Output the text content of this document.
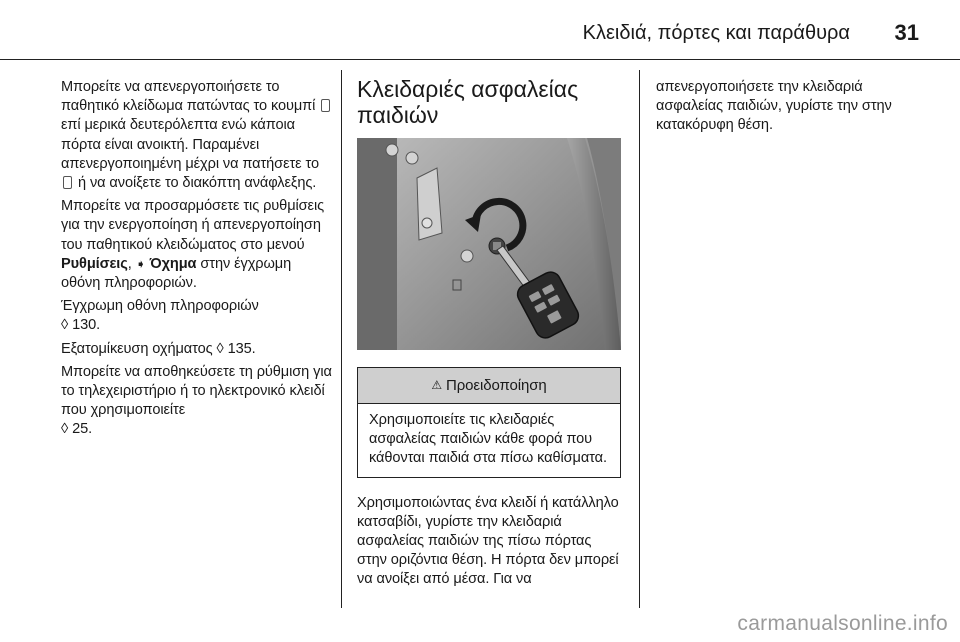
Κλειδιά, πόρτες και παράθυρα 31

Μπορείτε να απενεργοποιήσετε το παθητικό κλείδωμα πατώντας το κουμπί  επί μερικά δευτερόλεπτα ενώ κάποια πόρτα είναι ανοικτή. Παραμένει απενεργοποιημένη μέχρι να πατήσετε το  ή να ανοίξετε το διακόπτη ανάφλεξης.

Μπορείτε να προσαρμόσετε τις ρυθμίσεις για την ενεργοποίηση ή απενεργοποίηση του παθητικού κλειδώματος στο μενού Ρυθμίσεις, ➧ Όχημα στην έγχρωμη οθόνη πληροφοριών.

Έγχρωμη οθόνη πληροφοριών
◊ 130.

Εξατομίκευση οχήματος ◊ 135.

Μπορείτε να αποθηκεύσετε τη ρύθμιση για το τηλεχειριστήριο ή το ηλεκτρονικό κλειδί που χρησιμοποιείτε
◊ 25.

Κλειδαριές ασφαλείας παιδιών
⚠ Προειδοποίηση
Χρησιμοποιείτε τις κλειδαριές ασφαλείας παιδιών κάθε φορά που κάθονται παιδιά στα πίσω καθίσματα.

Χρησιμοποιώντας ένα κλειδί ή κατάλληλο κατσαβίδι, γυρίστε την κλειδαριά ασφαλείας παιδιών της πίσω πόρτας στην οριζόντια θέση. Η πόρτα δεν μπορεί να ανοίξει από μέσα. Για να

απενεργοποιήσετε την κλειδαριά ασφαλείας παιδιών, γυρίστε την στην κατακόρυφη θέση.

carmanualsonline.info
